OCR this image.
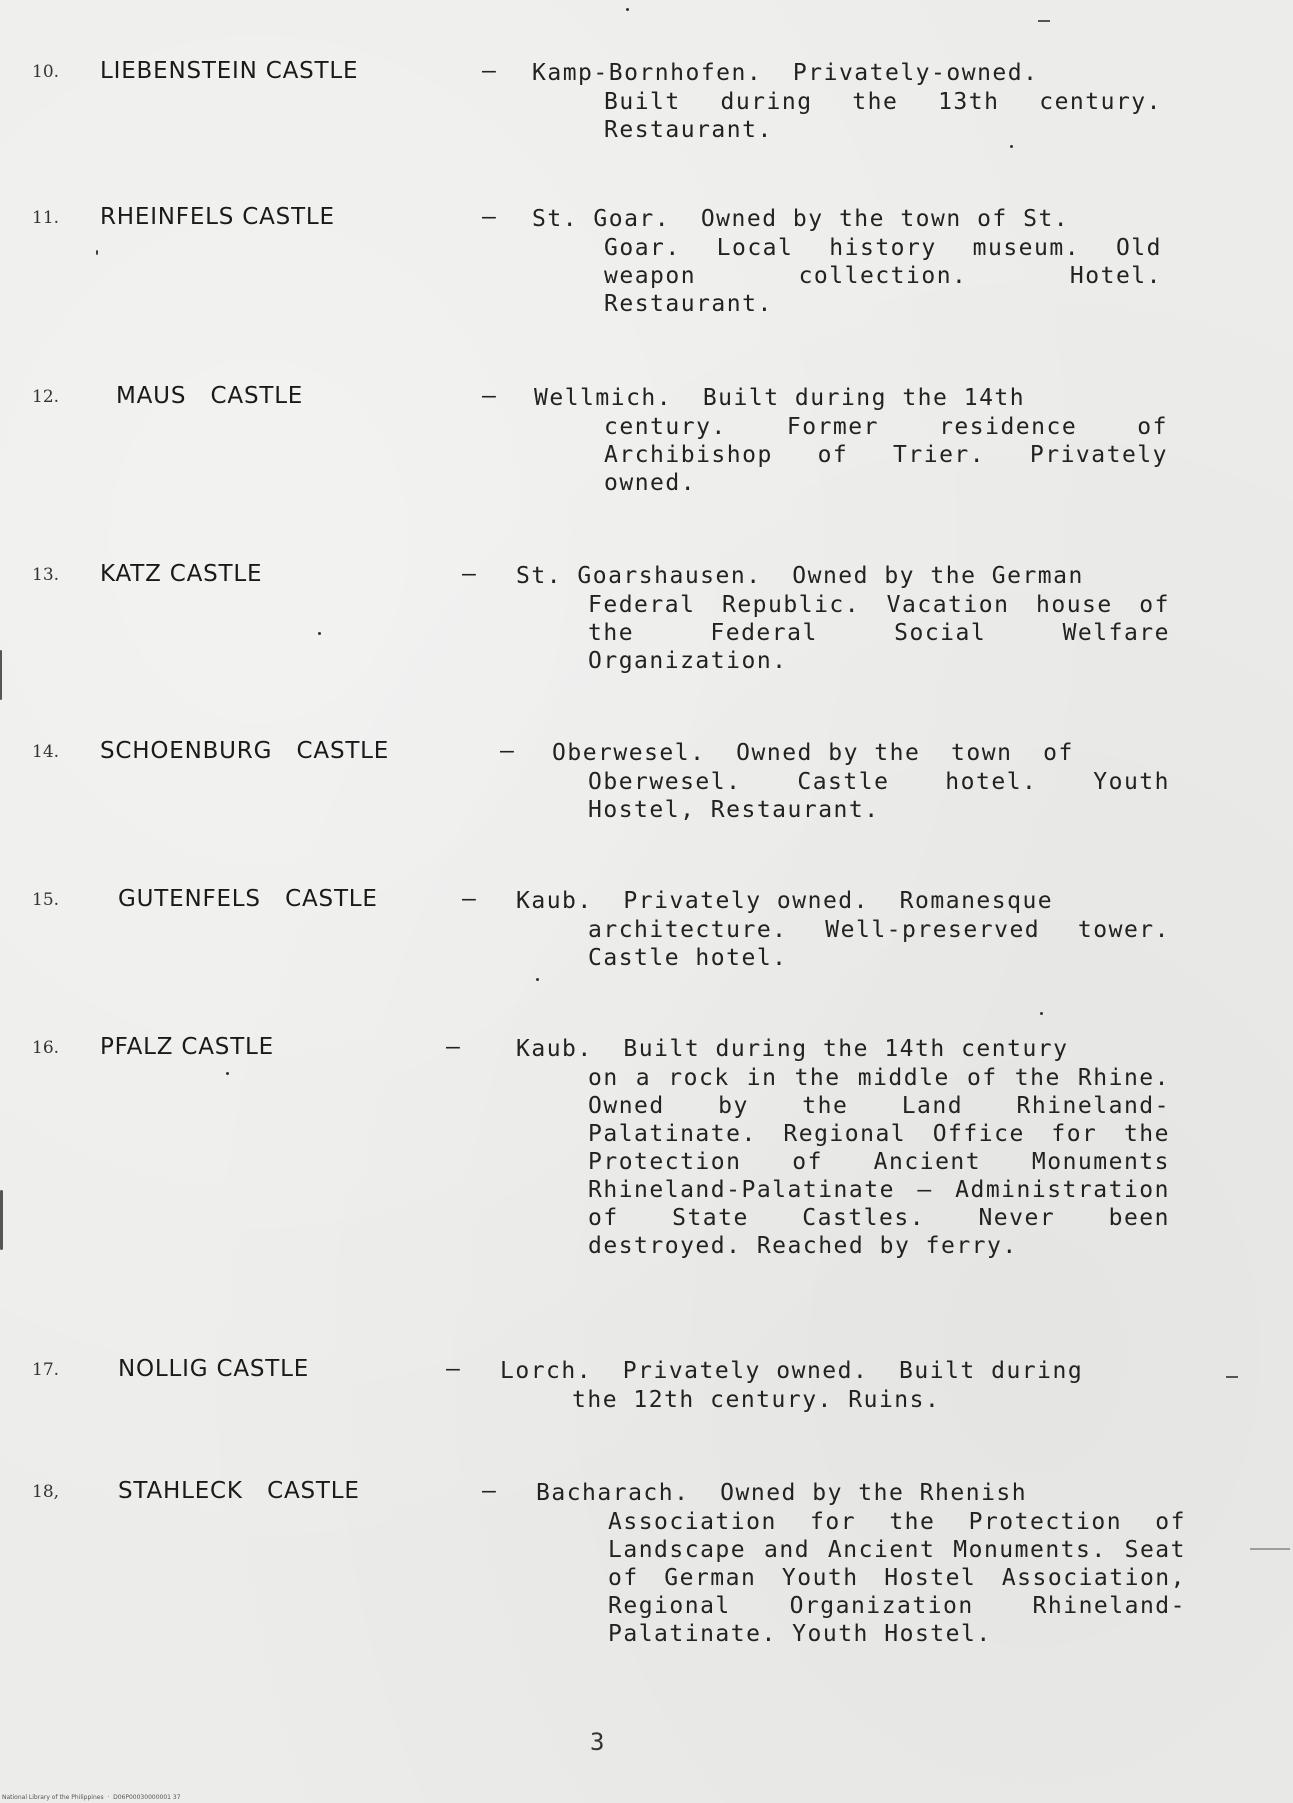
10. LIEBENSTEIN CASTLE	– Kamp-Bornhofen.  Privately-owned.

Built during the 13th century. Restaurant.

11. RHEINFELS CASTLE	– St. Goar.  Owned by the town of St.

Goar. Local history museum. Old weapon collection. Hotel. Restaurant.

12. MAUS   CASTLE	– Wellmich.  Built during the 14th

century. Former residence of Archibishop of Trier. Privately owned.

13. KATZ CASTLE	– St. Goarshausen.  Owned by the German

Federal Republic. Vacation house of the Federal Social Welfare Organization.

14. SCHOENBURG   CASTLE	– Oberwesel.  Owned by the  town  of

Oberwesel. Castle hotel. Youth Hostel, Restaurant.

15.	GUTENFELS   CASTLE	– Kaub.  Privately owned.  Romanesque

architecture. Well-preserved tower. Castle hotel.

16. PFALZ CASTLE	– Kaub.  Built during the 14th century

on a rock in the middle of the Rhine. Owned by the Land Rhineland-Palatinate. Regional Office for the Protection of Ancient Monuments Rhineland-Palatinate – Administration of State Castles. Never been destroyed. Reached by ferry.

17.	NOLLIG CASTLE	– Lorch.  Privately owned.  Built during

the 12th century. Ruins.

18,	STAHLECK   CASTLE	– Bacharach.  Owned by the Rhenish

Association for the Protection of Landscape and Ancient Monuments. Seat of German Youth Hostel Association, Regional Organization Rhineland-Palatinate. Youth Hostel.

3
National Library of the Philippines  ·  D06P00030000001 37
